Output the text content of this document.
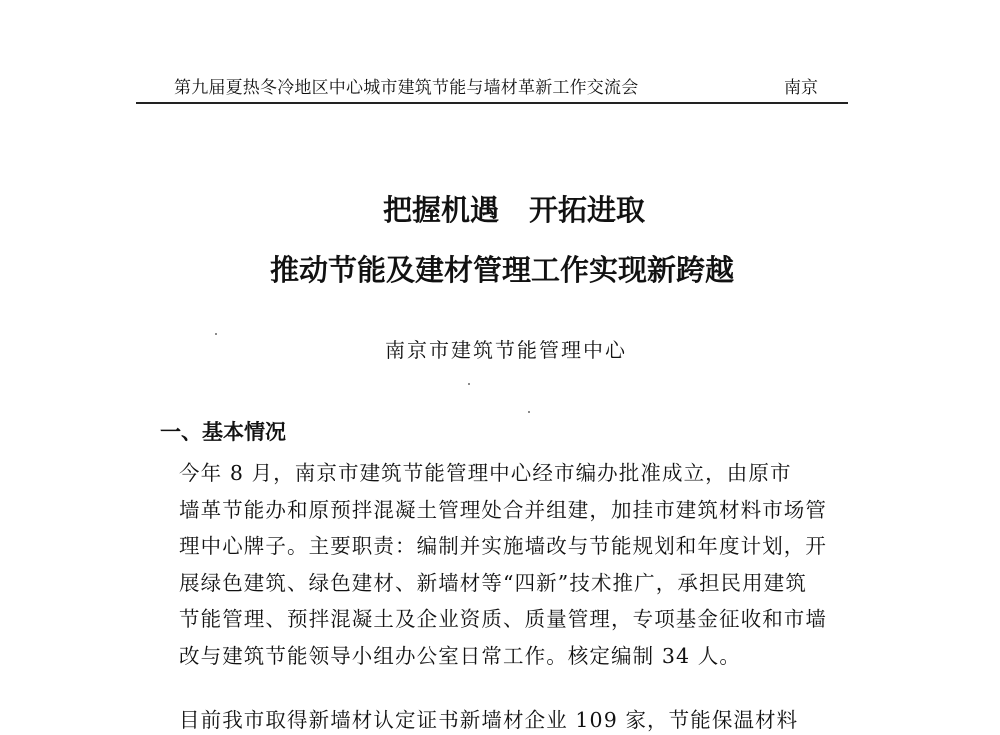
第九届夏热冬冷地区中心城市建筑节能与墙材革新工作交流会	南京
把握机遇 开拓进取
推动节能及建材管理工作实现新跨越
南京市建筑节能管理中心
一、基本情况
今年 8 月，南京市建筑节能管理中心经市编办批准成立，由原市
墙革节能办和原预拌混凝土管理处合并组建，加挂市建筑材料市场管
理中心牌子。主要职责：编制并实施墙改与节能规划和年度计划，开
展绿色建筑、绿色建材、新墙材等“四新”技术推广，承担民用建筑
节能管理、预拌混凝土及企业资质、质量管理，专项基金征收和市墙
改与建筑节能领导小组办公室日常工作。核定编制 34 人。
目前我市取得新墙材认定证书新墙材企业 109 家，节能保温材料
